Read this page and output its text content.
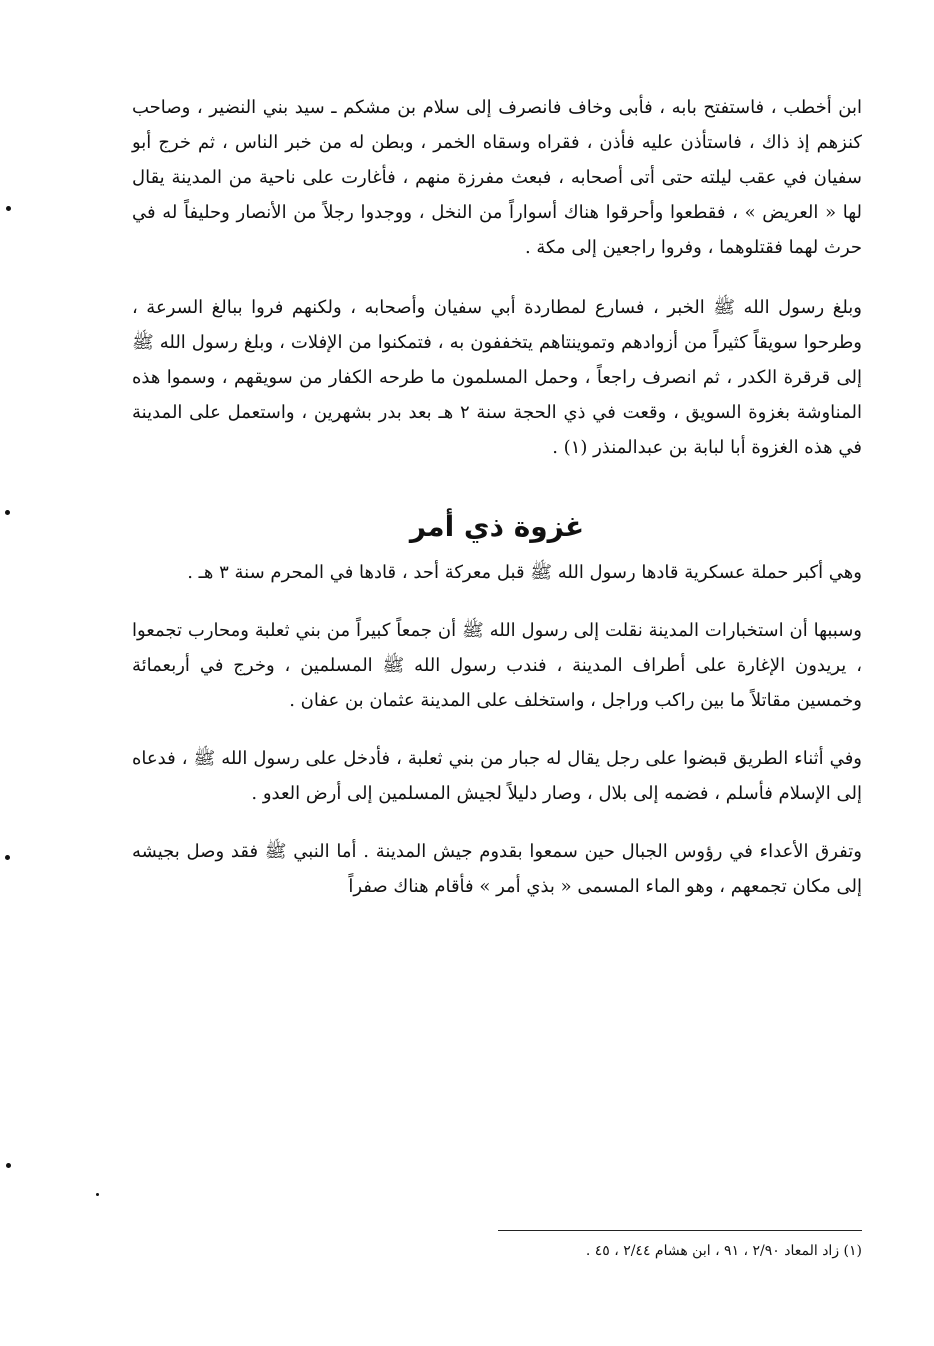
ابن أخطب ، فاستفتح بابه ، فأبى وخاف فانصرف إلى سلام بن مشكم ـ سيد بني النضير ، وصاحب كنزهم إذ ذاك ، فاستأذن عليه فأذن ، فقراه وسقاه الخمر ، وبطن له من خبر الناس ، ثم خرج أبو سفيان في عقب ليلته حتى أتى أصحابه ، فبعث مفرزة منهم ، فأغارت على ناحية من المدينة يقال لها « العريض » ، فقطعوا وأحرقوا هناك أسواراً من النخل ، ووجدوا رجلاً من الأنصار وحليفاً له في حرث لهما فقتلوهما ، وفروا راجعين إلى مكة .

وبلغ رسول الله ﷺ الخبر ، فسارع لمطاردة أبي سفيان وأصحابه ، ولكنهم فروا ببالغ السرعة ، وطرحوا سويقاً كثيراً من أزوادهم وتموينتاهم يتخففون به ، فتمكنوا من الإفلات ، وبلغ رسول الله ﷺ إلى قرقرة الكدر ، ثم انصرف راجعاً ، وحمل المسلمون ما طرحه الكفار من سويقهم ، وسموا هذه المناوشة بغزوة السويق ، وقعت في ذي الحجة سنة ٢ هـ بعد بدر بشهرين ، واستعمل على المدينة في هذه الغزوة أبا لبابة بن عبدالمنذر (١) .

غزوة ذي أمر

وهي أكبر حملة عسكرية قادها رسول الله ﷺ قبل معركة أحد ، قادها في المحرم سنة ٣ هـ .

وسببها أن استخبارات المدينة نقلت إلى رسول الله ﷺ أن جمعاً كبيراً من بني ثعلبة ومحارب تجمعوا ، يريدون الإغارة على أطراف المدينة ، فندب رسول الله ﷺ المسلمين ، وخرج في أربعمائة وخمسين مقاتلاً ما بين راكب وراجل ، واستخلف على المدينة عثمان بن عفان .

وفي أثناء الطريق قبضوا على رجل يقال له جبار من بني ثعلبة ، فأدخل على رسول الله ﷺ ، فدعاه إلى الإسلام فأسلم ، فضمه إلى بلال ، وصار دليلاً لجيش المسلمين إلى أرض العدو .

وتفرق الأعداء في رؤوس الجبال حين سمعوا بقدوم جيش المدينة . أما النبي ﷺ فقد وصل بجيشه إلى مكان تجمعهم ، وهو الماء المسمى « بذي أمر » فأقام هناك صفراً

(١) زاد المعاد ٢/٩٠ ، ٩١ ، ابن هشام ٢/٤٤ ، ٤٥ .
